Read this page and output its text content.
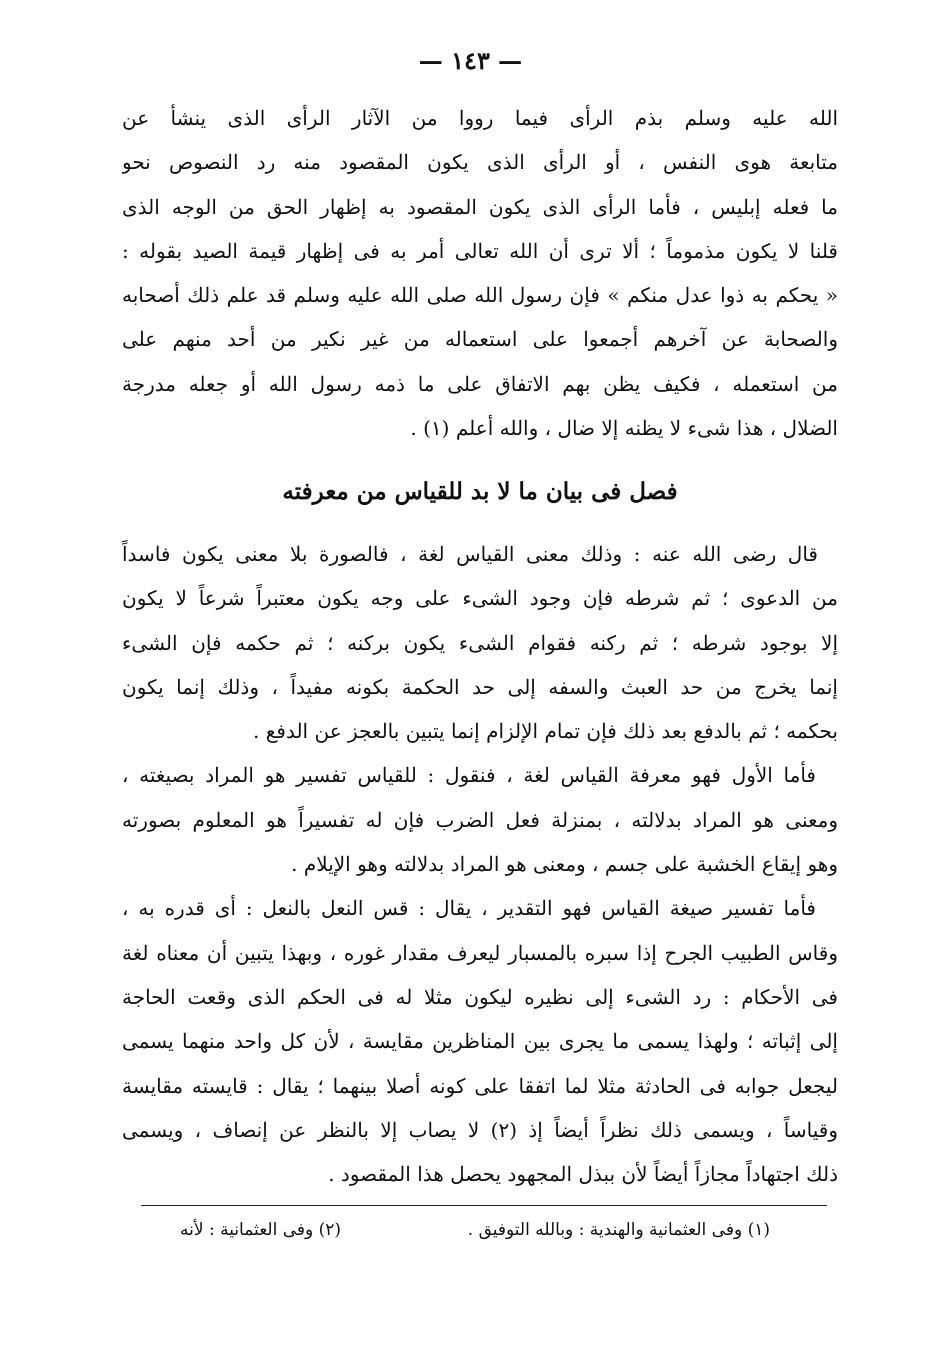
— ١٤٣ —
الله عليه وسلم بذم الرأى فيما رووا من الآثار الرأى الذى ينشأ عن
متابعة هوى النفس ، أو الرأى الذى يكون المقصود منه رد النصوص نحو
ما فعله إبليس ، فأما الرأى الذى يكون المقصود به إظهار الحق من الوجه الذى
قلنا لا يكون مذموماً ؛ ألا ترى أن الله تعالى أمر به فى إظهار قيمة الصيد بقوله :
« يحكم به ذوا عدل منكم » فإن رسول الله صلى الله عليه وسلم قد علم ذلك أصحابه
والصحابة عن آخرهم أجمعوا على استعماله من غير نكير من أحد منهم على
من استعمله ، فكيف يظن بهم الاتفاق على ما ذمه رسول الله أو جعله مدرجة
الضلال ، هذا شىء لا يظنه إلا ضال ، والله أعلم (١) .
فصل فى بيان ما لا بد للقياس من معرفته
قال رضى الله عنه : وذلك معنى القياس لغة ، فالصورة بلا معنى يكون فاسداً
من الدعوى ؛ ثم شرطه فإن وجود الشىء على وجه يكون معتبراً شرعاً لا يكون
إلا بوجود شرطه ؛ ثم ركنه فقوام الشىء يكون بركنه ؛ ثم حكمه فإن الشىء
إنما يخرج من حد العبث والسفه إلى حد الحكمة بكونه مفيداً ، وذلك إنما يكون
بحكمه ؛ ثم بالدفع بعد ذلك فإن تمام الإلزام إنما يتبين بالعجز عن الدفع .
فأما الأول فهو معرفة القياس لغة ، فنقول : للقياس تفسير هو المراد بصيغته ،
ومعنى هو المراد بدلالته ، بمنزلة فعل الضرب فإن له تفسيراً هو المعلوم بصورته
وهو إيقاع الخشبة على جسم ، ومعنى هو المراد بدلالته وهو الإيلام .
فأما تفسير صيغة القياس فهو التقدير ، يقال : قس النعل بالنعل : أى قدره به ،
وقاس الطبيب الجرح إذا سبره بالمسبار ليعرف مقدار غوره ، وبهذا يتبين أن معناه لغة
فى الأحكام : رد الشىء إلى نظيره ليكون مثلا له فى الحكم الذى وقعت الحاجة
إلى إثباته ؛ ولهذا يسمى ما يجرى بين المناظرين مقايسة ، لأن كل واحد منهما يسمى
ليجعل جوابه فى الحادثة مثلا لما اتفقا على كونه أصلا بينهما ؛ يقال : قايسته مقايسة
وقياساً ، ويسمى ذلك نظراً أيضاً إذ (٢) لا يصاب إلا بالنظر عن إنصاف ، ويسمى
ذلك اجتهاداً مجازاً أيضاً لأن ببذل المجهود يحصل هذا المقصود .
(١) وفى العثمانية والهندية : وبالله التوفيق .
(٢) وفى العثمانية : لأنه
